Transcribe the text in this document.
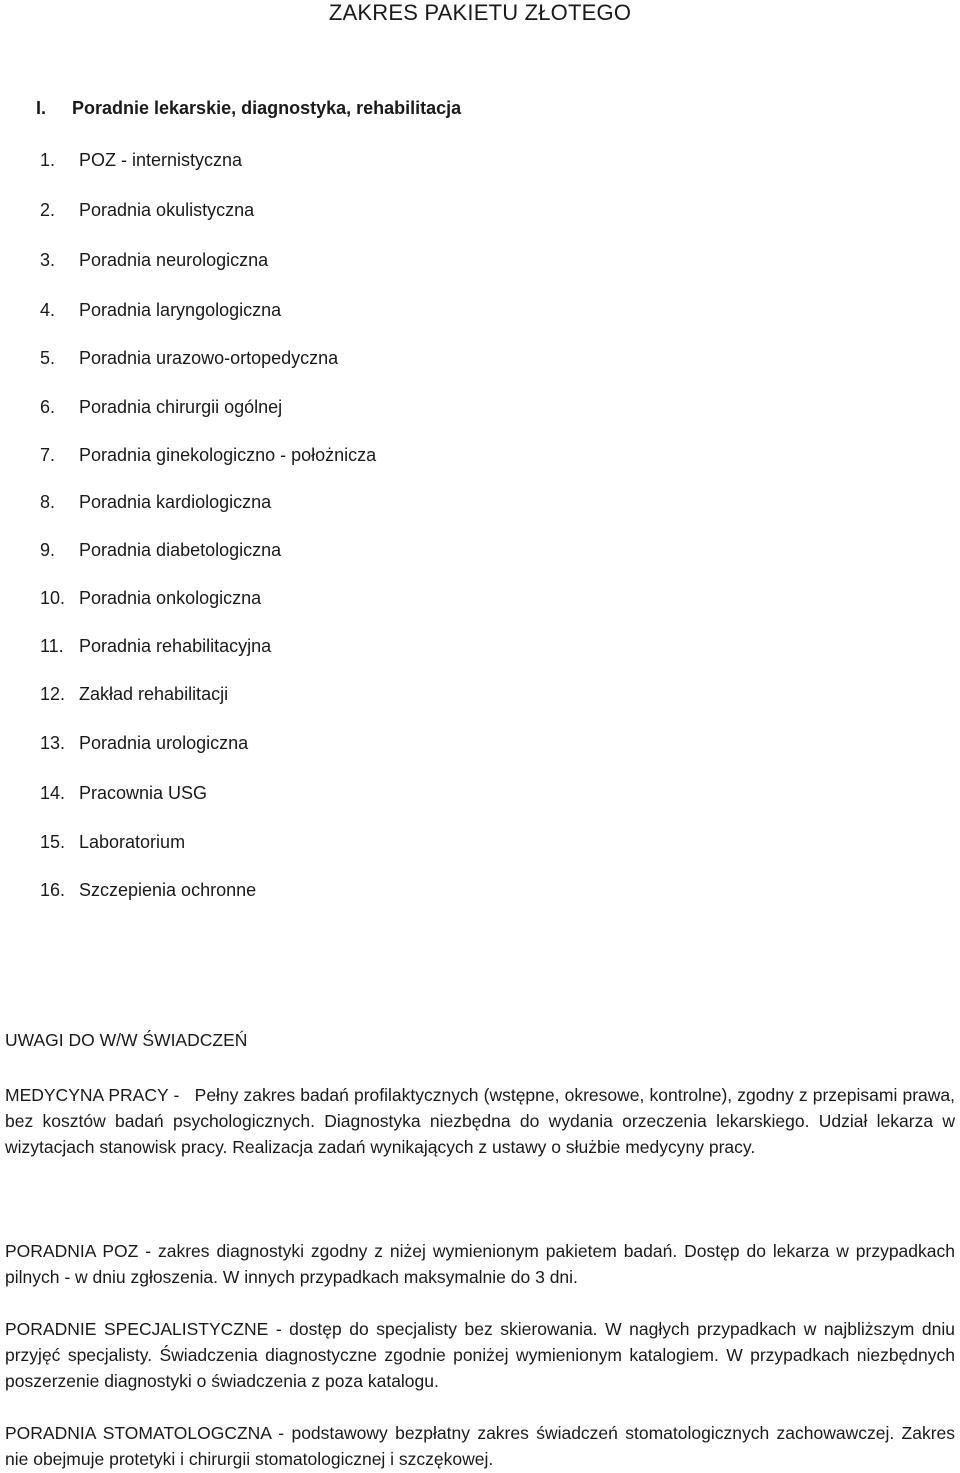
ZAKRES PAKIETU ZŁOTEGO
I. Poradnie lekarskie, diagnostyka, rehabilitacja
1. POZ - internistyczna
2. Poradnia okulistyczna
3. Poradnia neurologiczna
4. Poradnia laryngologiczna
5. Poradnia urazowo-ortopedyczna
6. Poradnia chirurgii ogólnej
7. Poradnia ginekologiczno - położnicza
8. Poradnia kardiologiczna
9. Poradnia diabetologiczna
10. Poradnia onkologiczna
11. Poradnia rehabilitacyjna
12. Zakład rehabilitacji
13. Poradnia urologiczna
14. Pracownia USG
15. Laboratorium
16. Szczepienia ochronne
UWAGI DO W/W ŚWIADCZEŃ

MEDYCYNA PRACY -   Pełny zakres badań profilaktycznych (wstępne, okresowe, kontrolne), zgodny z przepisami prawa, bez kosztów badań psychologicznych. Diagnostyka niezbędna do wydania orzeczenia lekarskiego. Udział lekarza w wizytacjach stanowisk pracy. Realizacja zadań wynikających z ustawy o służbie medycyny pracy.

PORADNIA POZ - zakres diagnostyki zgodny z niżej wymienionym pakietem badań. Dostęp do lekarza w przypadkach pilnych - w dniu zgłoszenia. W innych przypadkach maksymalnie do 3 dni.

PORADNIE SPECJALISTYCZNE - dostęp do specjalisty bez skierowania. W nagłych przypadkach w najbliższym dniu przyjęć specjalisty. Świadczenia diagnostyczne zgodnie poniżej wymienionym katalogiem. W przypadkach niezbędnych poszerzenie diagnostyki o świadczenia z poza katalogu.

PORADNIA STOMATOLOGCZNA - podstawowy bezpłatny zakres świadczeń stomatologicznych zachowawczej. Zakres nie obejmuje protetyki i chirurgii stomatologicznej i szczękowej.
